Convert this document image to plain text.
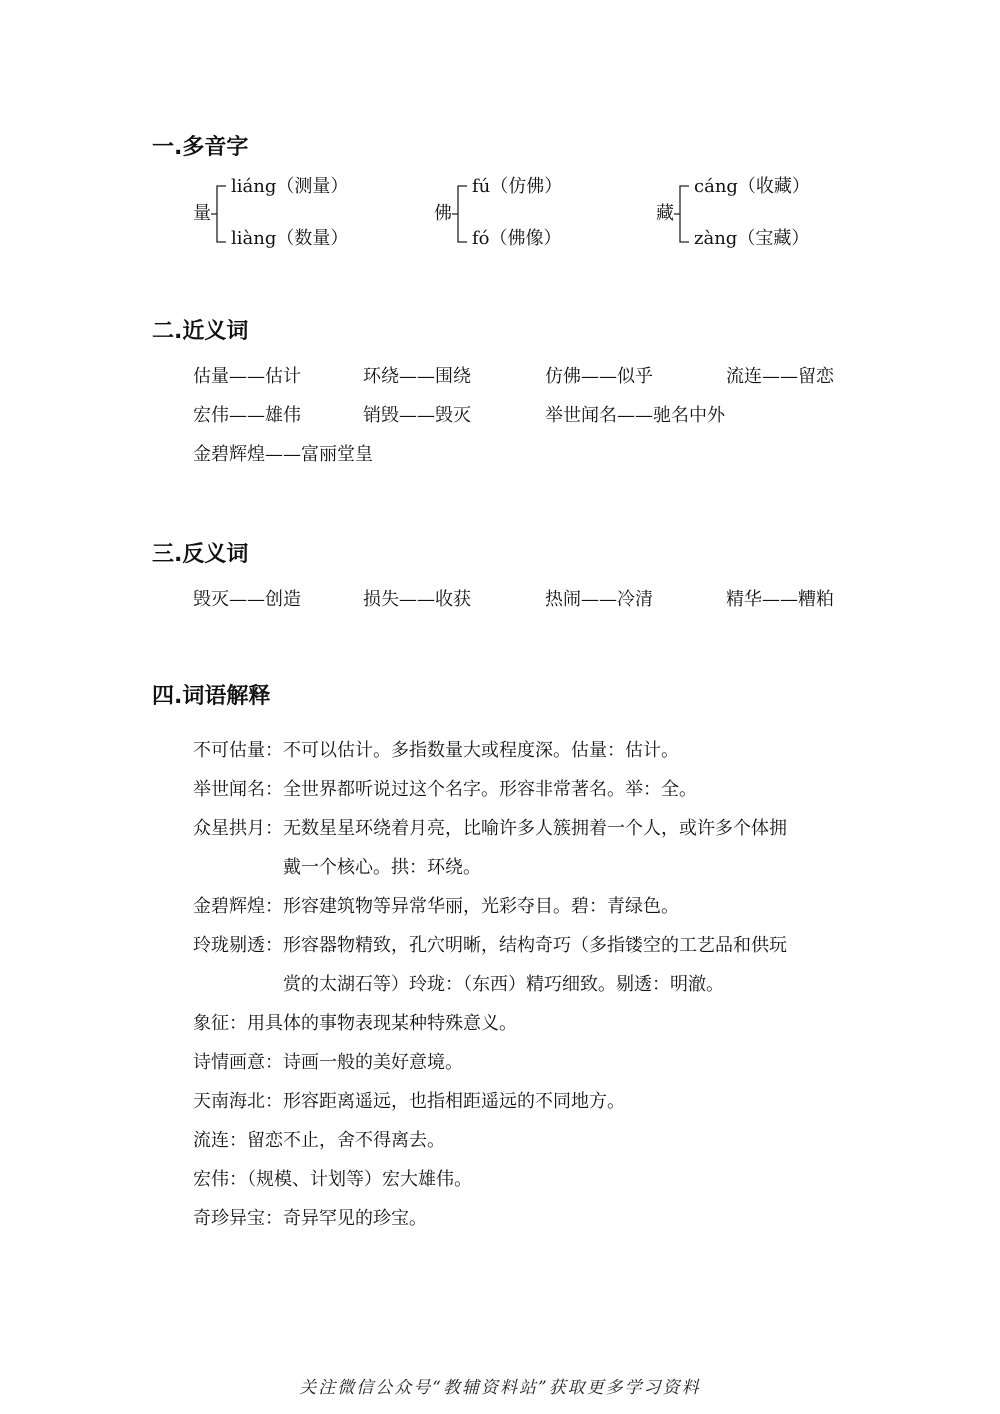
一.多音字
量
liáng（测量）
liàng（数量）
佛
fú（仿佛）
fó（佛像）
藏
cáng（收藏）
zàng（宝藏）
二.近义词
估量——估计	环绕——围绕	仿佛——似乎	流连——留恋
宏伟——雄伟	销毁——毁灭	举世闻名——驰名中外
金碧辉煌——富丽堂皇
三.反义词
毁灭——创造	损失——收获	热闹——冷清	精华——糟粕
四.词语解释
不可估量：不可以估计。多指数量大或程度深。估量：估计。
举世闻名：全世界都听说过这个名字。形容非常著名。举：全。
众星拱月：无数星星环绕着月亮，比喻许多人簇拥着一个人，或许多个体拥
戴一个核心。拱：环绕。
金碧辉煌：形容建筑物等异常华丽，光彩夺目。碧：青绿色。
玲珑剔透：形容器物精致，孔穴明晰，结构奇巧（多指镂空的工艺品和供玩
赏的太湖石等）玲珑：（东西）精巧细致。剔透：明澈。
象征：用具体的事物表现某种特殊意义。
诗情画意：诗画一般的美好意境。
天南海北：形容距离遥远，也指相距遥远的不同地方。
流连：留恋不止，舍不得离去。
宏伟：（规模、计划等）宏大雄伟。
奇珍异宝：奇异罕见的珍宝。
关注微信公众号“教辅资料站”获取更多学习资料
